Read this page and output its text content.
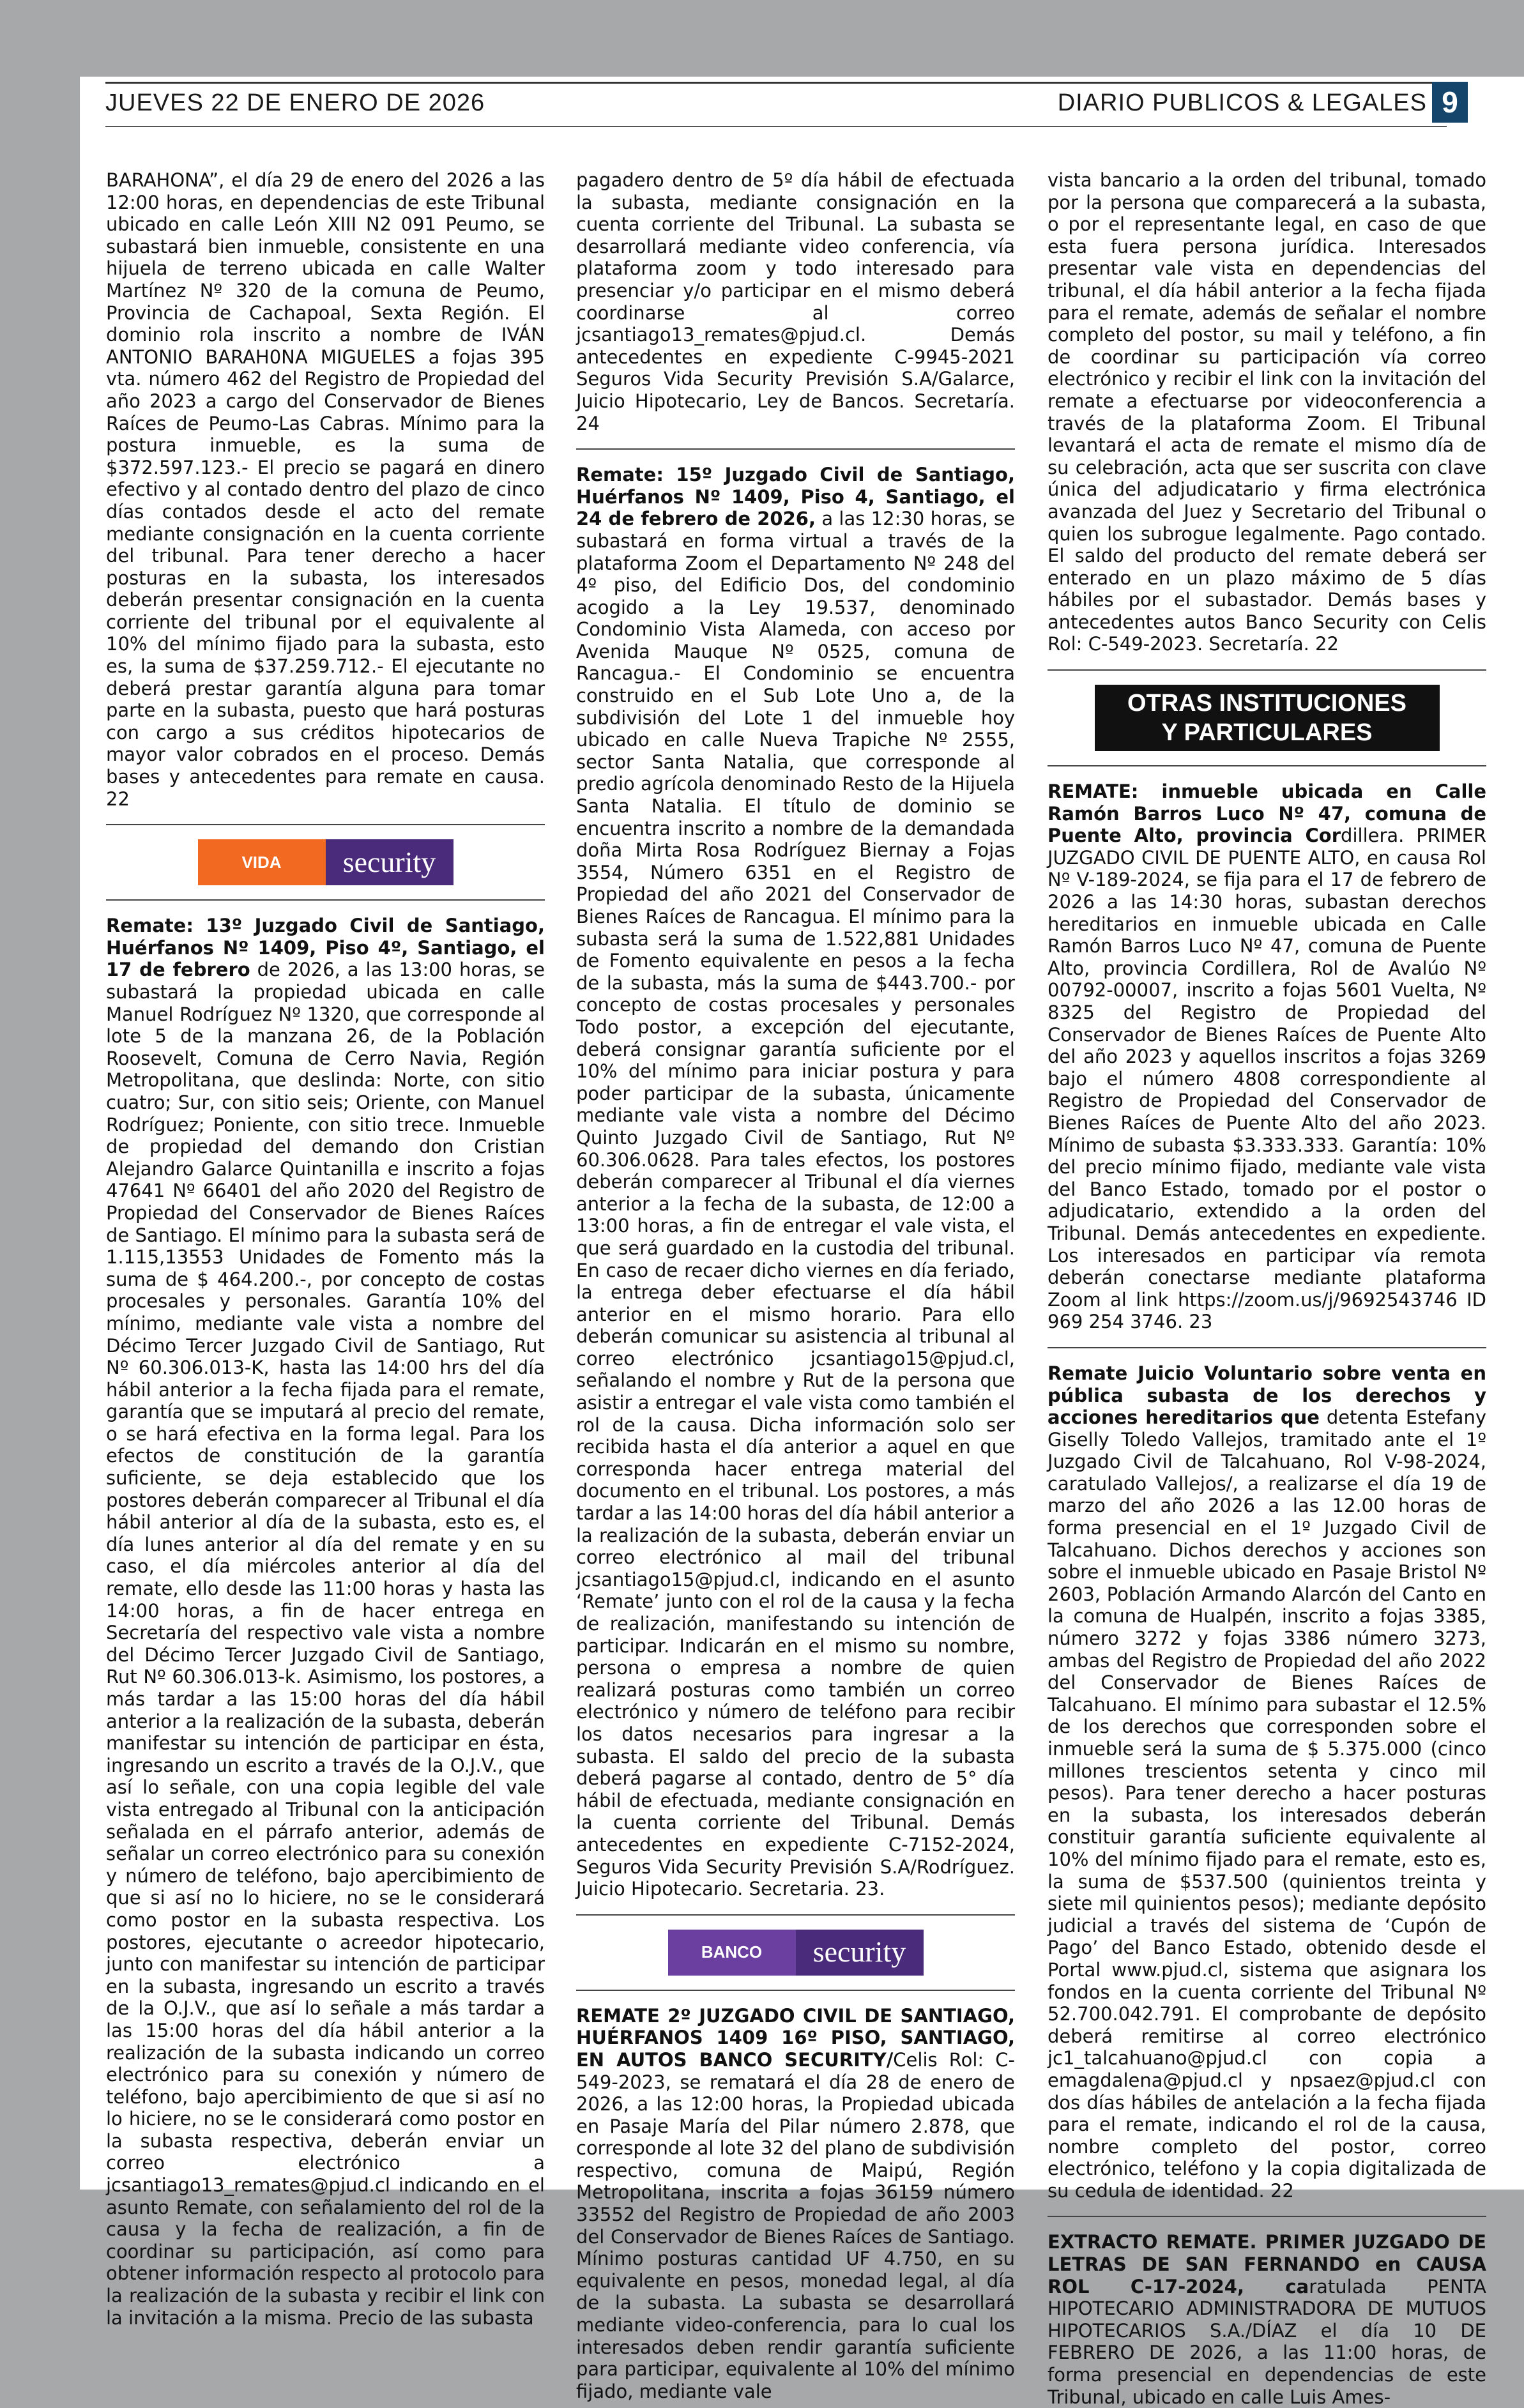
JUEVES 22 DE ENERO DE 2026	DIARIO PUBLICOS & LEGALES 9

BARAHONA”, el día 29 de enero del 2026 a las 12:00 horas, en dependencias de este Tribunal ubicado en calle León XIII N2 091 Peumo, se subastará bien inmueble, consistente en una hijuela de terreno ubicada en calle Walter Martínez Nº 320 de la comuna de Peumo, Provincia de Cachapoal, Sexta Región. El dominio rola inscrito a nombre de IVÁN ANTONIO BARAH0NA MIGUELES a fojas 395 vta. número 462 del Registro de Propiedad del año 2023 a cargo del Conservador de Bienes Raíces de Peumo-Las Cabras. Mínimo para la postura inmueble, es la suma de $372.597.123.- El precio se pagará en dinero efectivo y al contado dentro del plazo de cinco días contados desde el acto del remate mediante consignación en la cuenta corriente del tribunal. Para tener derecho a hacer posturas en la subasta, los interesados deberán presentar consignación en la cuenta corriente del tribunal por el equivalente al 10% del mínimo fijado para la subasta, esto es, la suma de $37.259.712.- El ejecutante no deberá prestar garantía alguna para tomar parte en la subasta, puesto que hará posturas con cargo a sus créditos hipotecarios de mayor valor cobrados en el proceso. Demás bases y antecedentes para remate en causa. 22

VIDA	security

Remate: 13º Juzgado Civil de Santiago, Huérfanos Nº 1409, Piso 4º, Santiago, el 17 de febrero de 2026, a las 13:00 horas, se subastará la propiedad ubicada en calle Manuel Rodríguez Nº 1320, que corresponde al lote 5 de la manzana 26, de la Población Roosevelt, Comuna de Cerro Navia, Región Metropolitana, que deslinda: Norte, con sitio cuatro; Sur, con sitio seis; Oriente, con Manuel Rodríguez; Poniente, con sitio trece. Inmueble de propiedad del demando don Cristian Alejandro Galarce Quintanilla e inscrito a fojas 47641 Nº 66401 del año 2020 del Registro de Propiedad del Conservador de Bienes Raíces de Santiago. El mínimo para la subasta será de 1.115,13553 Unidades de Fomento más la suma de $ 464.200.-, por concepto de costas procesales y personales. Garantía 10% del mínimo, mediante vale vista a nombre del Décimo Tercer Juzgado Civil de Santiago, Rut Nº 60.306.013-K, hasta las 14:00 hrs del día hábil anterior a la fecha fijada para el remate, garantía que se imputará al precio del remate, o se hará efectiva en la forma legal. Para los efectos de constitución de la garantía suficiente, se deja establecido que los postores deberán comparecer al Tribunal el día hábil anterior al día de la subasta, esto es, el día lunes anterior al día del remate y en su caso, el día miércoles anterior al día del remate, ello desde las 11:00 horas y hasta las 14:00 horas, a fin de hacer entrega en Secretaría del respectivo vale vista a nombre del Décimo Tercer Juzgado Civil de Santiago, Rut Nº 60.306.013-k. Asimismo, los postores, a más tardar a las 15:00 horas del día hábil anterior a la realización de la subasta, deberán manifestar su intención de participar en ésta, ingresando un escrito a través de la O.J.V., que así lo señale, con una copia legible del vale vista entregado al Tribunal con la anticipación señalada en el párrafo anterior, además de señalar un correo electrónico para su conexión y número de teléfono, bajo apercibimiento de que si así no lo hiciere, no se le considerará como postor en la subasta respectiva. Los postores, ejecutante o acreedor hipotecario, junto con manifestar su intención de participar en la subasta, ingresando un escrito a través de la O.J.V., que así lo señale a más tardar a las 15:00 horas del día hábil anterior a la realización de la subasta indicando un correo electrónico para su conexión y número de teléfono, bajo apercibimiento de que si así no lo hiciere, no se le considerará como postor en la subasta respectiva, deberán enviar un correo electrónico a jcsantiago13_remates@pjud.cl indicando en el asunto Remate, con señalamiento del rol de la causa y la fecha de realización, a fin de coordinar su participación, así como para obtener información respecto al protocolo para la realización de la subasta y recibir el link con la invitación a la misma. Precio de las subasta

pagadero dentro de 5º día hábil de efectuada la subasta, mediante consignación en la cuenta corriente del Tribunal. La subasta se desarrollará mediante video conferencia, vía plataforma zoom y todo interesado para presenciar y/o participar en el mismo deberá coordinarse al correo jcsantiago13_remates@pjud.cl. Demás antecedentes en expediente C-9945-2021 Seguros Vida Security Previsión S.A/Galarce, Juicio Hipotecario, Ley de Bancos. Secretaría. 24

Remate: 15º Juzgado Civil de Santiago, Huérfanos Nº 1409, Piso 4, Santiago, el 24 de febrero de 2026, a las 12:30 horas, se subastará en forma virtual a través de la plataforma Zoom el Departamento Nº 248 del 4º piso, del Edificio Dos, del condominio acogido a la Ley 19.537, denominado Condominio Vista Alameda, con acceso por Avenida Mauque Nº 0525, comuna de Rancagua.- El Condominio se encuentra construido en el Sub Lote Uno a, de la subdivisión del Lote 1 del inmueble hoy ubicado en calle Nueva Trapiche Nº 2555, sector Santa Natalia, que corresponde al predio agrícola denominado Resto de la Hijuela Santa Natalia. El título de dominio se encuentra inscrito a nombre de la demandada doña Mirta Rosa Rodríguez Biernay a Fojas 3554, Número 6351 en el Registro de Propiedad del año 2021 del Conservador de Bienes Raíces de Rancagua. El mínimo para la subasta será la suma de 1.522,881 Unidades de Fomento equivalente en pesos a la fecha de la subasta, más la suma de $443.700.- por concepto de costas procesales y personales Todo postor, a excepción del ejecutante, deberá consignar garantía suficiente por el 10% del mínimo para iniciar postura y para poder participar de la subasta, únicamente mediante vale vista a nombre del Décimo Quinto Juzgado Civil de Santiago, Rut Nº 60.306.0628. Para tales efectos, los postores deberán comparecer al Tribunal el día viernes anterior a la fecha de la subasta, de 12:00 a 13:00 horas, a fin de entregar el vale vista, el que será guardado en la custodia del tribunal. En caso de recaer dicho viernes en día feriado, la entrega deber efectuarse el día hábil anterior en el mismo horario. Para ello deberán comunicar su asistencia al tribunal al correo electrónico jcsantiago15@pjud.cl, señalando el nombre y Rut de la persona que asistir a entregar el vale vista como también el rol de la causa. Dicha información solo ser recibida hasta el día anterior a aquel en que corresponda hacer entrega material del documento en el tribunal. Los postores, a más tardar a las 14:00 horas del día hábil anterior a la realización de la subasta, deberán enviar un correo electrónico al mail del tribunal jcsantiago15@pjud.cl, indicando en el asunto ‘Remate’ junto con el rol de la causa y la fecha de realización, manifestando su intención de participar. Indicarán en el mismo su nombre, persona o empresa a nombre de quien realizará posturas como también un correo electrónico y número de teléfono para recibir los datos necesarios para ingresar a la subasta. El saldo del precio de la subasta deberá pagarse al contado, dentro de 5° día hábil de efectuada, mediante consignación en la cuenta corriente del Tribunal. Demás antecedentes en expediente C-7152-2024, Seguros Vida Security Previsión S.A/Rodríguez. Juicio Hipotecario. Secretaria. 23.

BANCO	security

REMATE 2º JUZGADO CIVIL DE SANTIAGO, HUÉRFANOS 1409 16º PISO, SANTIAGO, EN AUTOS BANCO SECURITY/Celis Rol: C-549-2023, se rematará el día 28 de enero de 2026, a las 12:00 horas, la Propiedad ubicada en Pasaje María del Pilar número 2.878, que corresponde al lote 32 del plano de subdivisión respectivo, comuna de Maipú, Región Metropolitana, inscrita a fojas 36159 número 33552 del Registro de Propiedad de año 2003 del Conservador de Bienes Raíces de Santiago. Mínimo posturas cantidad UF 4.750, en su equivalente en pesos, monedad legal, al día de la subasta. La subasta se desarrollará mediante video-conferencia, para lo cual los interesados deben rendir garantía suficiente para participar, equivalente al 10% del mínimo fijado, mediante vale

vista bancario a la orden del tribunal, tomado por la persona que comparecerá a la subasta, o por el representante legal, en caso de que esta fuera persona jurídica. Interesados presentar vale vista en dependencias del tribunal, el día hábil anterior a la fecha fijada para el remate, además de señalar el nombre completo del postor, su mail y teléfono, a fin de coordinar su participación vía correo electrónico y recibir el link con la invitación del remate a efectuarse por videoconferencia a través de la plataforma Zoom. El Tribunal levantará el acta de remate el mismo día de su celebración, acta que ser suscrita con clave única del adjudicatario y firma electrónica avanzada del Juez y Secretario del Tribunal o quien los subrogue legalmente. Pago contado. El saldo del producto del remate deberá ser enterado en un plazo máximo de 5 días hábiles por el subastador. Demás bases y antecedentes autos Banco Security con Celis Rol: C-549-2023. Secretaría. 22

OTRAS INSTITUCIONES
Y PARTICULARES

REMATE: inmueble ubicada en Calle Ramón Barros Luco Nº 47, comuna de Puente Alto, provincia Cordillera. PRIMER JUZGADO CIVIL DE PUENTE ALTO, en causa Rol Nº V-189-2024, se fija para el 17 de febrero de 2026 a las 14:30 horas, subastan derechos hereditarios en inmueble ubicada en Calle Ramón Barros Luco Nº 47, comuna de Puente Alto, provincia Cordillera, Rol de Avalúo Nº 00792-00007, inscrito a fojas 5601 Vuelta, Nº 8325 del Registro de Propiedad del Conservador de Bienes Raíces de Puente Alto del año 2023 y aquellos inscritos a fojas 3269 bajo el número 4808 correspondiente al Registro de Propiedad del Conservador de Bienes Raíces de Puente Alto del año 2023. Mínimo de subasta $3.333.333. Garantía: 10% del precio mínimo fijado, mediante vale vista del Banco Estado, tomado por el postor o adjudicatario, extendido a la orden del Tribunal. Demás antecedentes en expediente. Los interesados en participar vía remota deberán conectarse mediante plataforma Zoom al link https://zoom.us/j/9692543746 ID 969 254 3746. 23

Remate Juicio Voluntario sobre venta en pública subasta de los derechos y acciones hereditarios que detenta Estefany Giselly Toledo Vallejos, tramitado ante el 1º Juzgado Civil de Talcahuano, Rol V-98-2024, caratulado Vallejos/, a realizarse el día 19 de marzo del año 2026 a las 12.00 horas de forma presencial en el 1º Juzgado Civil de Talcahuano. Dichos derechos y acciones son sobre el inmueble ubicado en Pasaje Bristol Nº 2603, Población Armando Alarcón del Canto en la comuna de Hualpén, inscrito a fojas 3385, número 3272 y fojas 3386 número 3273, ambas del Registro de Propiedad del año 2022 del Conservador de Bienes Raíces de Talcahuano. El mínimo para subastar el 12.5% de los derechos que corresponden sobre el inmueble será la suma de $ 5.375.000 (cinco millones trescientos setenta y cinco mil pesos). Para tener derecho a hacer posturas en la subasta, los interesados deberán constituir garantía suficiente equivalente al 10% del mínimo fijado para el remate, esto es, la suma de $537.500 (quinientos treinta y siete mil quinientos pesos); mediante depósito judicial a través del sistema de ‘Cupón de Pago’ del Banco Estado, obtenido desde el Portal www.pjud.cl, sistema que asignara los fondos en la cuenta corriente del Tribunal Nº 52.700.042.791. El comprobante de depósito deberá remitirse al correo electrónico jc1_talcahuano@pjud.cl con copia a emagdalena@pjud.cl y npsaez@pjud.cl con dos días hábiles de antelación a la fecha fijada para el remate, indicando el rol de la causa, nombre completo del postor, correo electrónico, teléfono y la copia digitalizada de su cedula de identidad. 22

EXTRACTO REMATE. PRIMER JUZGADO DE LETRAS DE SAN FERNANDO en CAUSA ROL C-17-2024, caratulada PENTA HIPOTECARIO ADMINISTRADORA DE MUTUOS HIPOTECARIOS S.A./DÍAZ el día 10 DE FEBRERO DE 2026, a las 11:00 horas, de forma presencial en dependencias de este Tribunal, ubicado en calle Luis Ames-
